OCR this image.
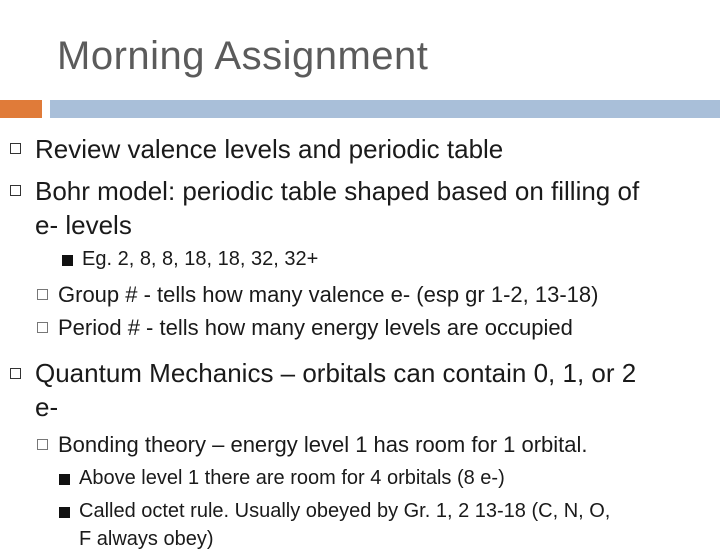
Morning Assignment
Review valence levels and periodic table
Bohr model: periodic table shaped based on filling of
e- levels
Eg. 2, 8, 8, 18, 18, 32, 32+
Group # - tells how many valence e- (esp gr 1-2, 13-18)
Period # - tells how many energy levels are occupied
Quantum Mechanics – orbitals can contain 0, 1, or 2
e-
Bonding theory – energy level 1 has room for 1 orbital.
Above level 1 there are room for 4 orbitals (8 e-)
Called octet rule. Usually obeyed by Gr. 1, 2 13-18 (C, N, O,
F always obey)
